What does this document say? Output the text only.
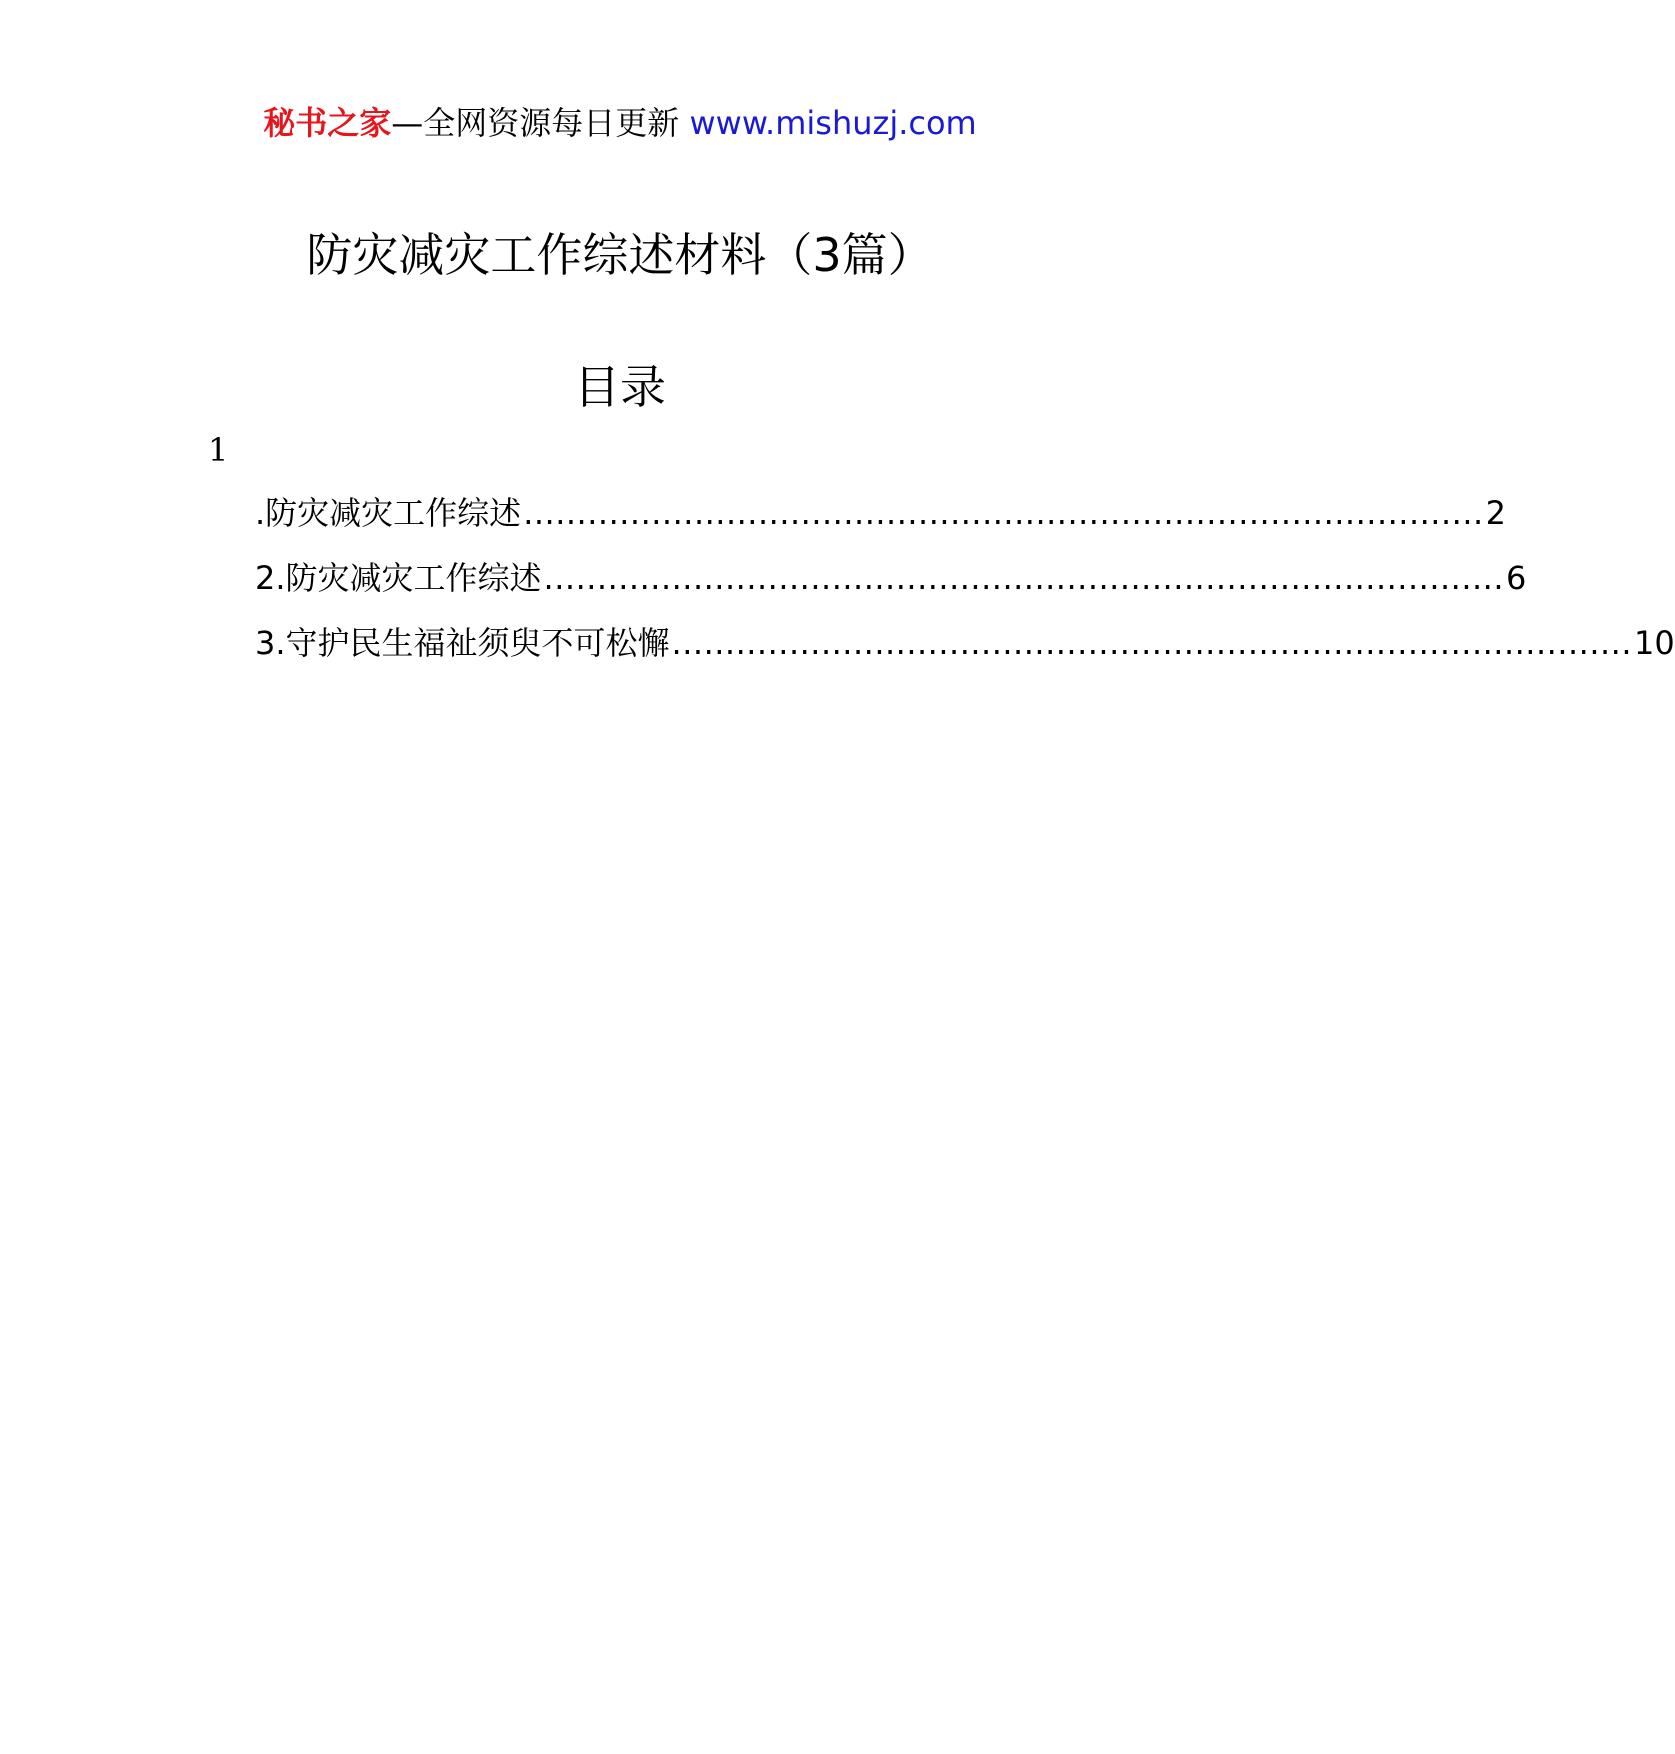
秘书之家—全网资源每日更新 www.mishuzj.com
防灾减灾工作综述材料（3篇）
目录
1
.防灾减灾工作综述 .......................................................................................... 2
2.防灾减灾工作综述 .......................................................................................... 6
3.守护民生福祉须臾不可松懈 .......................................................................................... 10
